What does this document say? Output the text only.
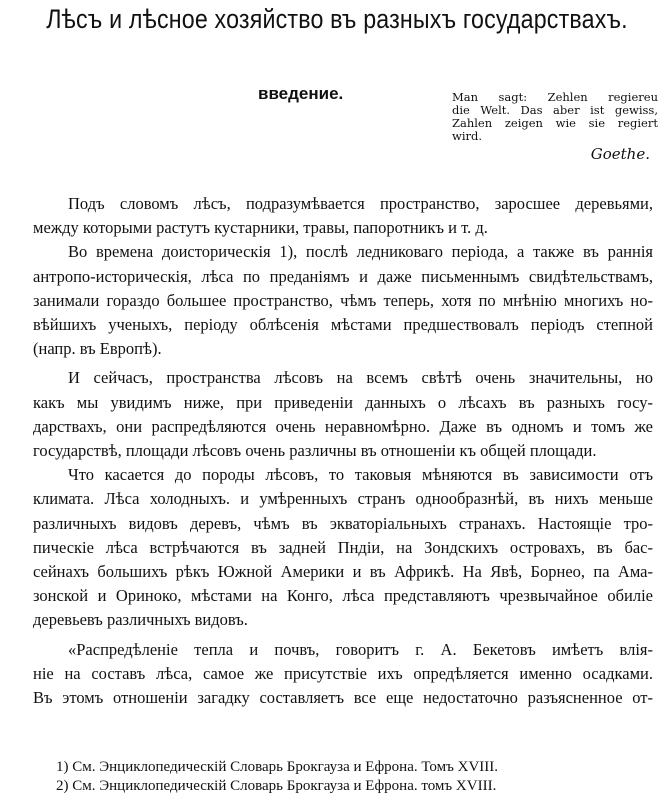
Лѣсъ и лѣсное хозяйство въ разныхъ государствахъ.
введение.	Man sagt: Zehlen regiereu
die Welt. Das aber ist gewiss,
Zahlen zeigen wie sie regiert
wird.
Goethe.
Подъ словомъ лѣсъ, подразумѣвается пространство, заросшее деревьями,
между которыми растутъ кустарники, травы, папоротникъ и т. д.
Во времена доисторическія 1), послѣ ледниковаго періода, а также въ раннія
антропо-историческія, лѣса по преданіямъ и даже письменнымъ свидѣтельствамъ,
занимали гораздо большее пространство, чѣмъ теперь, хотя по мнѣнію многихъ но-
вѣйшихъ ученыхъ, періоду облѣсенія мѣстами предшествовалъ періодъ степной
(напр. въ Европѣ).
И сейчасъ, пространства лѣсовъ на всемъ свѣтѣ очень значительны, но
какъ мы увидимъ ниже, при приведеніи данныхъ о лѣсахъ въ разныхъ госу-
дарствахъ, они распредѣляются очень неравномѣрно. Даже въ одномъ и томъ же
государствѣ, площади лѣсовъ очень различны въ отношеніи къ общей площади.
Что касается до породы лѣсовъ, то таковыя мѣняются въ зависимости отъ
климата. Лѣса холодныхъ. и умѣренныхъ странъ однообразнѣй, въ нихъ меньше
различныхъ видовъ деревъ, чѣмъ въ экваторіальныхъ странахъ. Настоящіе тро-
пическіе лѣса встрѣчаются въ задней Пндіи, на Зондскихъ островахъ, въ бас-
сейнахъ большихъ рѣкъ Южной Америки и въ Африкѣ. На Явѣ, Борнео, па Ама-
зонской и Ориноко, мѣстами на Конго, лѣса представляютъ чрезвычайное обиліе
деревьевъ различныхъ видовъ.
«Распредѣленіе тепла и почвъ, говоритъ г. А. Бекетовъ имѣетъ влія-
ніе на составъ лѣса, самое же присутствіе ихъ опредѣляется именно осадками.
Въ этомъ отношеніи загадку составляетъ все еще недостаточно разъясненное от-
1) См. Энциклопедическій Словарь Брокгауза и Ефрона. Томъ XVIII.
2) См. Энциклопедическій Словарь Брокгауза и Ефрона. томъ XVIII.
